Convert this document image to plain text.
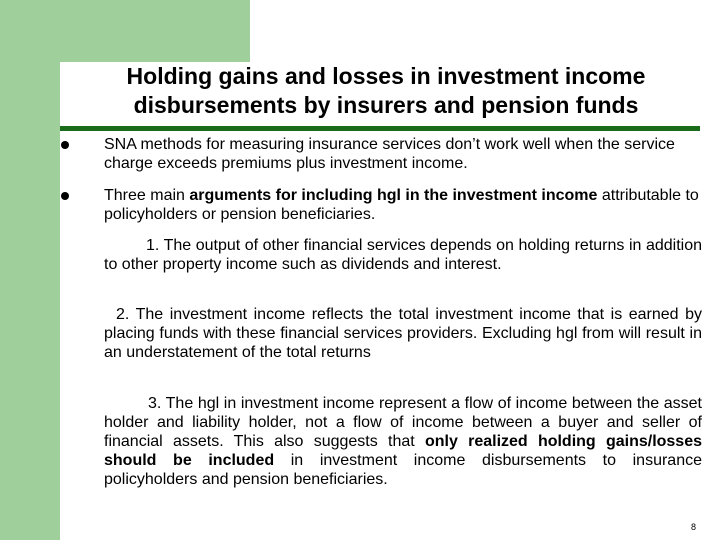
Holding gains and losses in investment income
disbursements by insurers and pension funds

SNA methods for measuring insurance services don’t work well when the service charge exceeds premiums plus investment income.

Three main arguments for including hgl in the investment income attributable to policyholders or pension beneficiaries.

1. The output of other financial services depends on holding returns in addition to other property income such as dividends and interest.

2. The investment income reflects the total investment income that is earned by placing funds with these financial services providers. Excluding hgl from will result in an understatement of the total returns

3. The hgl in investment income represent a flow of income between the asset holder and liability holder, not a flow of income between a buyer and seller of financial assets. This also suggests that only realized holding gains/losses should be included in investment income disbursements to insurance policyholders and pension beneficiaries.

8
